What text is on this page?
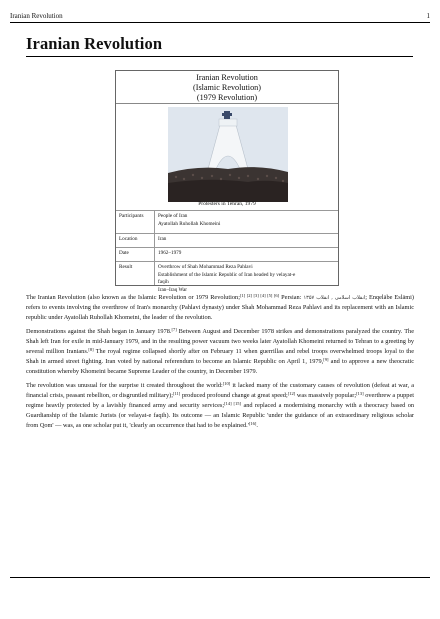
Iranian Revolution	1
Iranian Revolution
Iranian Revolution
(Islamic Revolution)
(1979 Revolution)
Protesters in Tehran, 1979
Participants	People of Iran
Ayatollah Ruhollah Khomeini
Location	Iran
Date	1962–1979
Result	Overthrow of Shah Mohammad Reza Pahlavi
Establishment of the Islamic Republic of Iran headed by velayat-e
faqih
Iran–Iraq War

The Iranian Revolution (also known as the Islamic Revolution or 1979 Revolution;[1] [2] [3] [4] [5] [6] Persian: انقلاب اسلامی , انقلاب ۱۳۵۷; Enqelābe Eslāmi) refers to events involving the overthrow of Iran's monarchy (Pahlavi dynasty) under Shah Mohammad Reza Pahlavi and its replacement with an Islamic republic under Ayatollah Ruhollah Khomeini, the leader of the revolution.

Demonstrations against the Shah began in January 1978.[7] Between August and December 1978 strikes and demonstrations paralyzed the country. The Shah left Iran for exile in mid-January 1979, and in the resulting power vacuum two weeks later Ayatollah Khomeini returned to Tehran to a greeting by several million Iranians.[8] The royal regime collapsed shortly after on February 11 when guerrillas and rebel troops overwhelmed troops loyal to the Shah in armed street fighting. Iran voted by national referendum to become an Islamic Republic on April 1, 1979,[9] and to approve a new theocratic constitution whereby Khomeini became Supreme Leader of the country, in December 1979.

The revolution was unusual for the surprise it created throughout the world:[10] it lacked many of the customary causes of revolution (defeat at war, a financial crisis, peasant rebellion, or disgruntled military);[11] produced profound change at great speed;[12] was massively popular;[13] overthrew a puppet regime heavily protected by a lavishly financed army and security services;[14] [15] and replaced a modernising monarchy with a theocracy based on Guardianship of the Islamic Jurists (or velayat-e faqih). Its outcome — an Islamic Republic 'under the guidance of an extraordinary religious scholar from Qom' — was, as one scholar put it, 'clearly an occurrence that had to be explained.'[16].
